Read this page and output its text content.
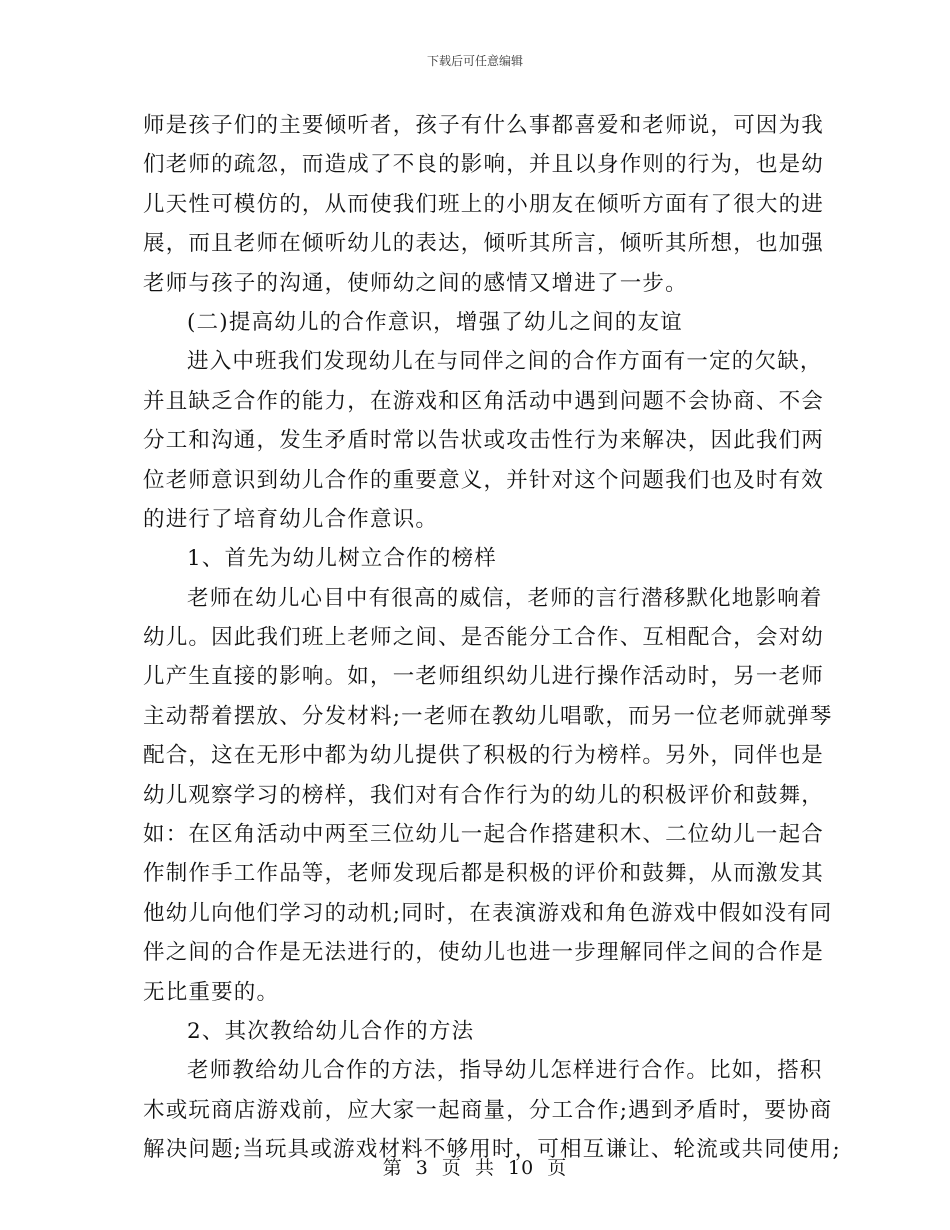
下载后可任意编辑
师是孩子们的主要倾听者，孩子有什么事都喜爱和老师说，可因为我
们老师的疏忽，而造成了不良的影响，并且以身作则的行为，也是幼
儿天性可模仿的，从而使我们班上的小朋友在倾听方面有了很大的进
展，而且老师在倾听幼儿的表达，倾听其所言，倾听其所想，也加强
老师与孩子的沟通，使师幼之间的感情又增进了一步。
(二)提高幼儿的合作意识，增强了幼儿之间的友谊
进入中班我们发现幼儿在与同伴之间的合作方面有一定的欠缺，
并且缺乏合作的能力，在游戏和区角活动中遇到问题不会协商、不会
分工和沟通，发生矛盾时常以告状或攻击性行为来解决，因此我们两
位老师意识到幼儿合作的重要意义，并针对这个问题我们也及时有效
的进行了培育幼儿合作意识。
1、首先为幼儿树立合作的榜样
老师在幼儿心目中有很高的威信，老师的言行潜移默化地影响着
幼儿。因此我们班上老师之间、是否能分工合作、互相配合，会对幼
儿产生直接的影响。如，一老师组织幼儿进行操作活动时，另一老师
主动帮着摆放、分发材料;一老师在教幼儿唱歌，而另一位老师就弹琴
配合，这在无形中都为幼儿提供了积极的行为榜样。另外，同伴也是
幼儿观察学习的榜样，我们对有合作行为的幼儿的积极评价和鼓舞，
如：在区角活动中两至三位幼儿一起合作搭建积木、二位幼儿一起合
作制作手工作品等，老师发现后都是积极的评价和鼓舞，从而激发其
他幼儿向他们学习的动机;同时，在表演游戏和角色游戏中假如没有同
伴之间的合作是无法进行的，使幼儿也进一步理解同伴之间的合作是
无比重要的。
2、其次教给幼儿合作的方法
老师教给幼儿合作的方法，指导幼儿怎样进行合作。比如，搭积
木或玩商店游戏前，应大家一起商量，分工合作;遇到矛盾时，要协商
解决问题;当玩具或游戏材料不够用时，可相互谦让、轮流或共同使用;
第 3 页 共 10 页
